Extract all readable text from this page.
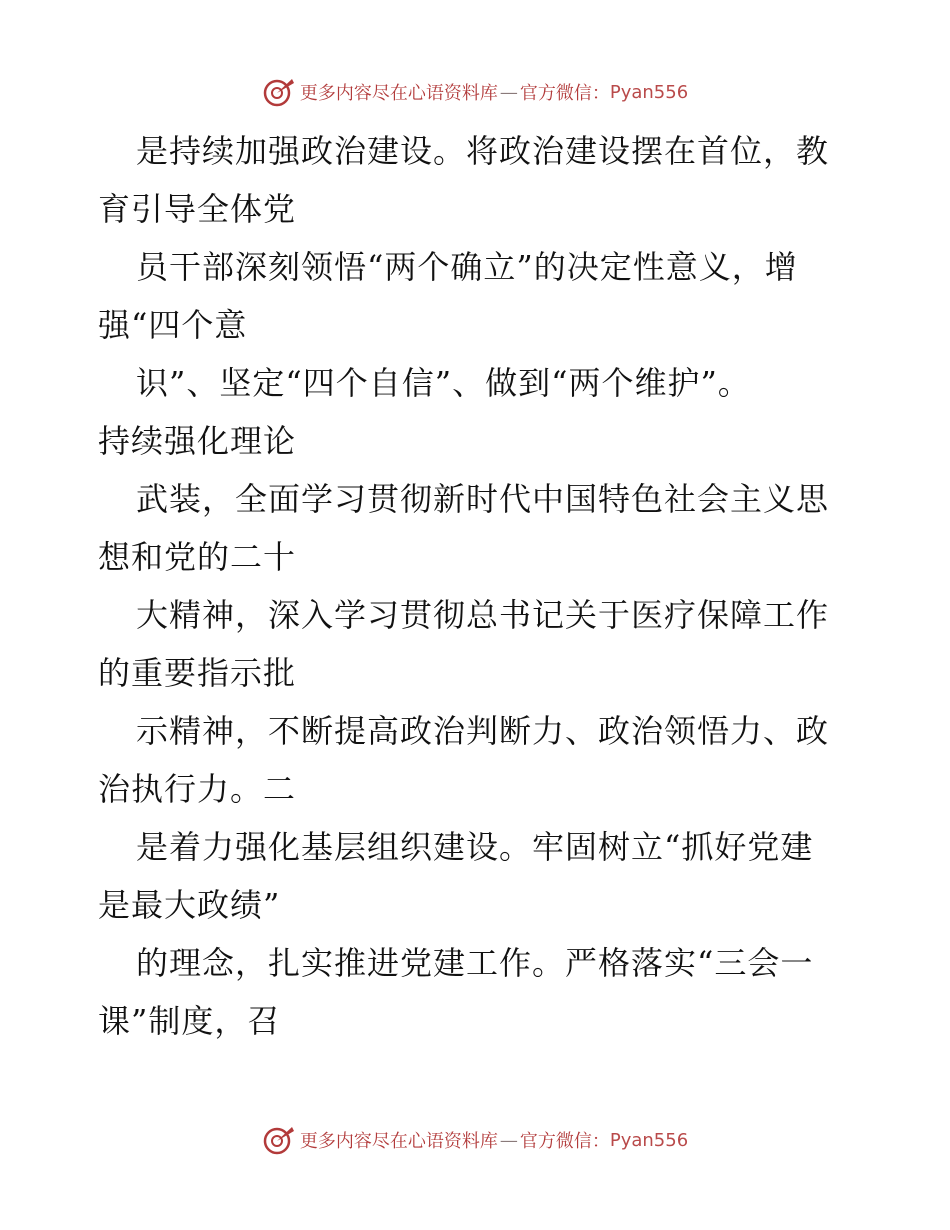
更多内容尽在心语资料库 — 官方微信： Pyan556
是持续加强政治建设。将政治建设摆在首位，教
育引导全体党
员干部深刻领悟“两个确立”的决定性意义，增
强“四个意
识”、坚定“四个自信”、做到“两个维护”。
持续强化理论
武装，全面学习贯彻新时代中国特色社会主义思
想和党的二十
大精神，深入学习贯彻总书记关于医疗保障工作
的重要指示批
示精神，不断提高政治判断力、政治领悟力、政
治执行力。二
是着力强化基层组织建设。牢固树立“抓好党建
是最大政绩”
的理念，扎实推进党建工作。严格落实“三会一
课”制度，召
更多内容尽在心语资料库 — 官方微信： Pyan556
